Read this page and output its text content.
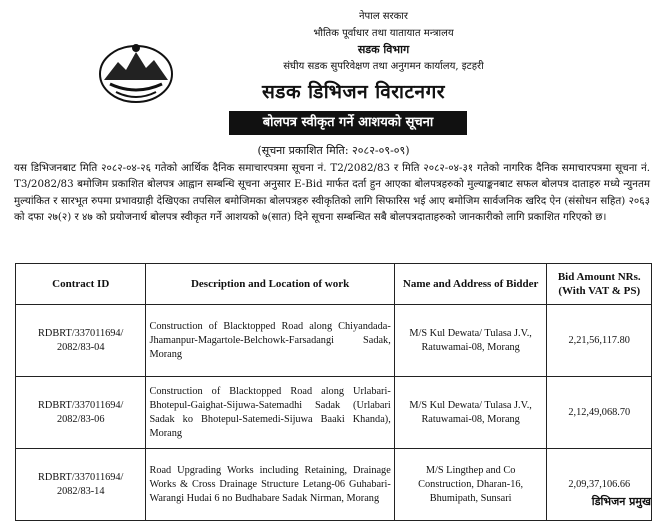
नेपाल सरकार
भौतिक पूर्वाधार तथा यातायात मन्त्रालय
सडक विभाग
संघीय सडक सुपरिवेक्षण तथा अनुगमन कार्यालय, इटहरी
सडक डिभिजन विराटनगर
बोलपत्र स्वीकृत गर्ने आशयको सूचना
(सूचना प्रकाशित मिति: २०८२-०९-०९)

यस डिभिजनबाट मिति २०८२-०४-२६ गतेको आर्थिक दैनिक समाचारपत्रमा सूचना नं. T2/2082/83 र मिति २०८२-०४-३१ गतेको नागरिक दैनिक समाचारपत्रमा सूचना नं. T3/2082/83 बमोजिम प्रकाशित बोलपत्र आह्वान सम्बन्धि सूचना अनुसार E-Bid मार्फत दर्ता हुन आएका बोलपत्रहरुको मुल्याङ्कनबाट सफल बोलपत्र दाताहरु मध्ये न्युनतम मुल्यांकित र सारभूत रुपमा प्रभावग्राही देखिएका तपसिल बमोजिमका बोलपत्रहरु स्वीकृतिको लागि सिफारिस भई आए बमोजिम सार्वजनिक खरिद ऐन (संसोधन सहित) २०६३ को दफा २७(२) र ४७ को प्रयोजनार्थ बोलपत्र स्वीकृत गर्ने आशयको ७(सात) दिने सूचना सम्बन्धित सबै बोलपत्रदाताहरुको जानकारीको लागि प्रकाशित गरिएको छ।

Contract ID	Description and Location of work	Name and Address of Bidder	Bid Amount NRs. (With VAT & PS)
RDBRT/337011694/ 2082/83-04	Construction of Blacktopped Road along Chiyandada-Jhamanpur-Magartole-Belchowk-Farsadangi Sadak, Morang	M/S Kul Dewata/ Tulasa J.V., Ratuwamai-08, Morang	2,21,56,117.80
RDBRT/337011694/ 2082/83-06	Construction of Blacktopped Road along Urlabari-Bhotepul-Gaighat-Sijuwa-Satemadhi Sadak (Urlabari Sadak ko Bhotepul-Satemedi-Sijuwa Baaki Khanda), Morang	M/S Kul Dewata/ Tulasa J.V., Ratuwamai-08, Morang	2,12,49,068.70
RDBRT/337011694/ 2082/83-14	Road Upgrading Works including Retaining, Drainage Works & Cross Drainage Structure Letang-06 Guhabari-Warangi Hudai 6 no Budhabare Sadak Nirman, Morang	M/S Lingthep and Co Construction, Dharan-16, Bhumipath, Sunsari	2,09,37,106.66
डिभिजन प्रमुख
